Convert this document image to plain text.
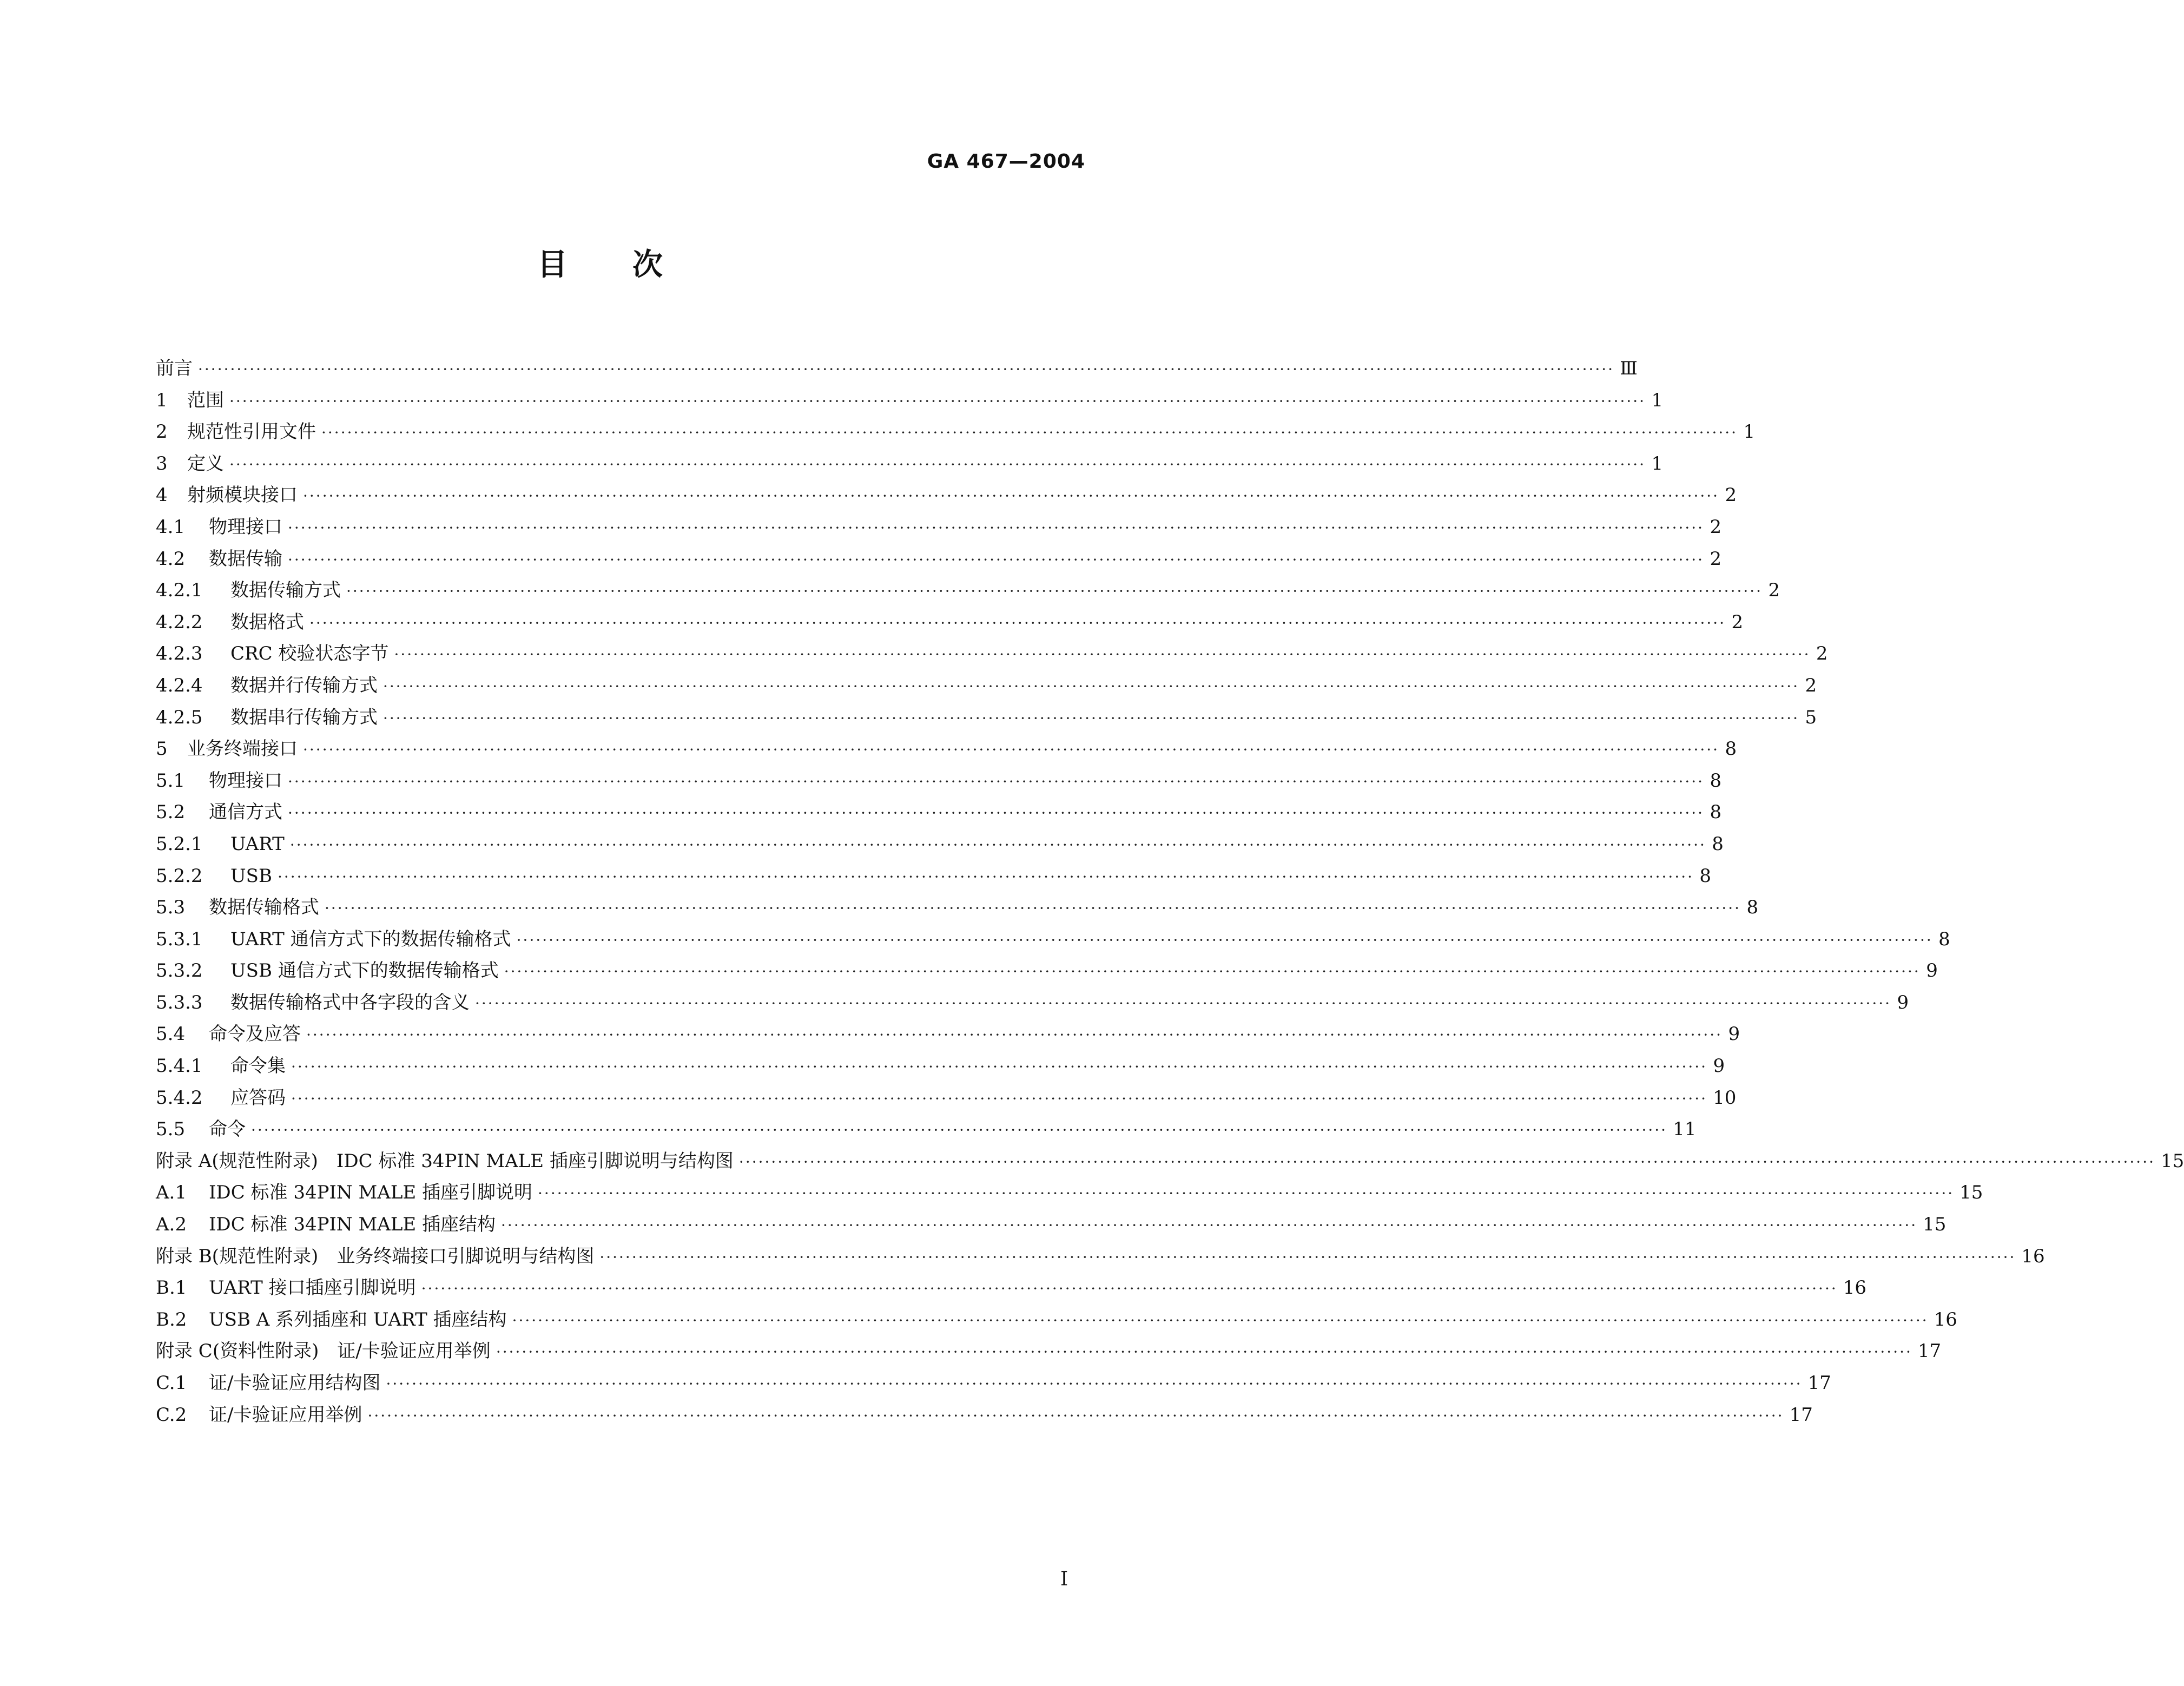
GA 467—2004
目次
前言 ···························································································································································································································· Ⅲ
1 范围 ···························································································································································································································· 1
2 规范性引用文件 ···························································································································································································································· 1
3 定义 ···························································································································································································································· 1
4 射频模块接口 ···························································································································································································································· 2
4.1 物理接口 ···························································································································································································································· 2
4.2 数据传输 ···························································································································································································································· 2
4.2.1 数据传输方式 ···························································································································································································································· 2
4.2.2 数据格式 ···························································································································································································································· 2
4.2.3 CRC 校验状态字节 ···························································································································································································································· 2
4.2.4 数据并行传输方式 ···························································································································································································································· 2
4.2.5 数据串行传输方式 ···························································································································································································································· 5
5 业务终端接口 ···························································································································································································································· 8
5.1 物理接口 ···························································································································································································································· 8
5.2 通信方式 ···························································································································································································································· 8
5.2.1 UART ···························································································································································································································· 8
5.2.2 USB ···························································································································································································································· 8
5.3 数据传输格式 ···························································································································································································································· 8
5.3.1 UART 通信方式下的数据传输格式 ···························································································································································································································· 8
5.3.2 USB 通信方式下的数据传输格式 ···························································································································································································································· 9
5.3.3 数据传输格式中各字段的含义 ···························································································································································································································· 9
5.4 命令及应答 ···························································································································································································································· 9
5.4.1 命令集 ···························································································································································································································· 9
5.4.2 应答码 ···························································································································································································································· 10
5.5 命令 ···························································································································································································································· 11
附录 A(规范性附录)　IDC 标准 34PIN MALE 插座引脚说明与结构图 ···························································································································································································································· 15
A.1 IDC 标准 34PIN MALE 插座引脚说明 ···························································································································································································································· 15
A.2 IDC 标准 34PIN MALE 插座结构 ···························································································································································································································· 15
附录 B(规范性附录)　业务终端接口引脚说明与结构图 ···························································································································································································································· 16
B.1 UART 接口插座引脚说明 ···························································································································································································································· 16
B.2 USB A 系列插座和 UART 插座结构 ···························································································································································································································· 16
附录 C(资料性附录)　证/卡验证应用举例 ···························································································································································································································· 17
C.1 证/卡验证应用结构图 ···························································································································································································································· 17
C.2 证/卡验证应用举例 ···························································································································································································································· 17
I
